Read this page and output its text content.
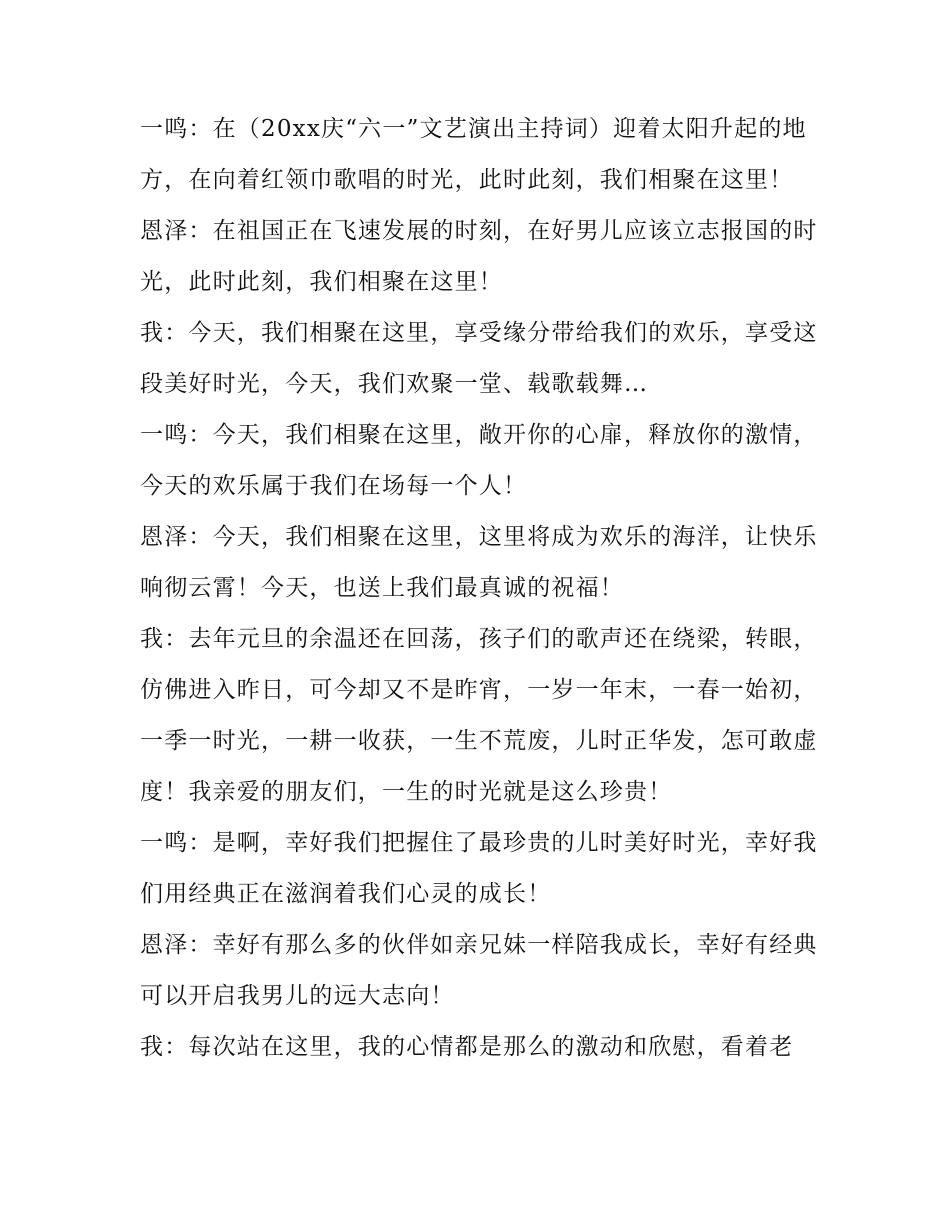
一鸣：在（20xx庆“六一”文艺演出主持词）迎着太阳升起的地方，在向着红领巾歌唱的时光，此时此刻，我们相聚在这里！

恩泽：在祖国正在飞速发展的时刻，在好男儿应该立志报国的时光，此时此刻，我们相聚在这里！

我：今天，我们相聚在这里，享受缘分带给我们的欢乐，享受这段美好时光，今天，我们欢聚一堂、载歌载舞…

一鸣：今天，我们相聚在这里，敞开你的心扉，释放你的激情，今天的欢乐属于我们在场每一个人！

恩泽：今天，我们相聚在这里，这里将成为欢乐的海洋，让快乐响彻云霄！今天，也送上我们最真诚的祝福！

我：去年元旦的余温还在回荡，孩子们的歌声还在绕梁，转眼，仿佛进入昨日，可今却又不是昨宵，一岁一年末，一春一始初，一季一时光，一耕一收获，一生不荒废，儿时正华发，怎可敢虚度！我亲爱的朋友们，一生的时光就是这么珍贵！

一鸣：是啊，幸好我们把握住了最珍贵的儿时美好时光，幸好我们用经典正在滋润着我们心灵的成长！

恩泽：幸好有那么多的伙伴如亲兄妹一样陪我成长，幸好有经典可以开启我男儿的远大志向！

我：每次站在这里，我的心情都是那么的激动和欣慰，看着老
